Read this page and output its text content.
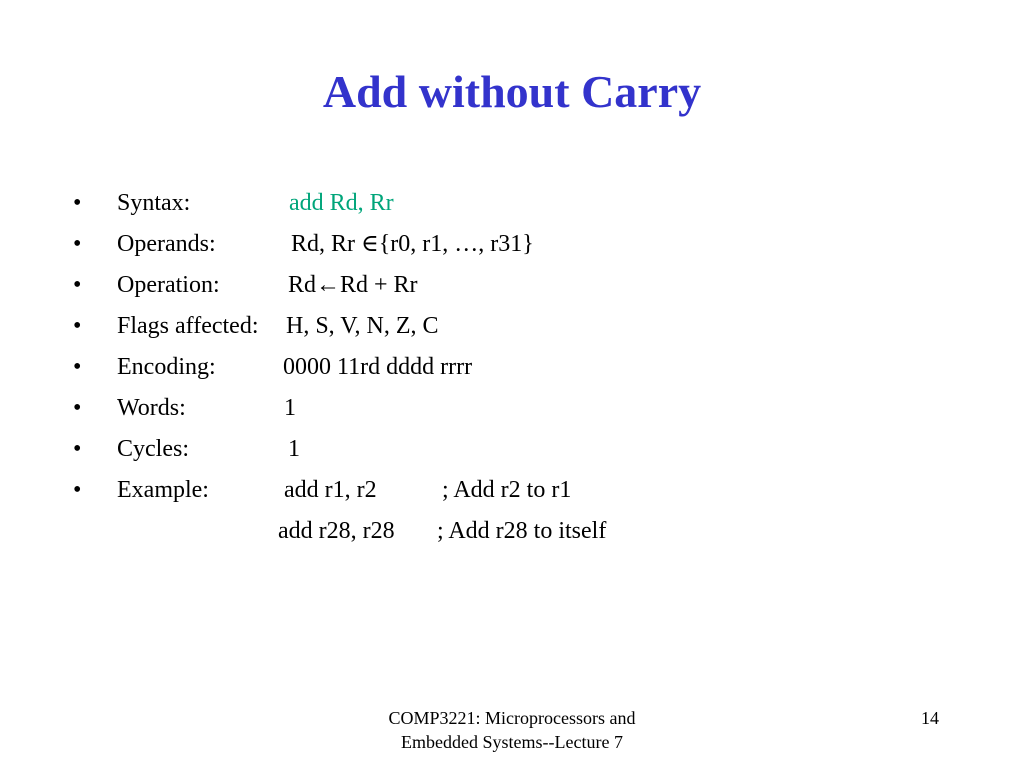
Add without Carry
• Syntax:	add Rd, Rr
• Operands:	Rd, Rr ∈{r0, r1, …, r31}
• Operation:	Rd←Rd + Rr
• Flags affected: H, S, V, N, Z, C
• Encoding:	0000 11rd dddd rrrr
• Words:	1
• Cycles:	1
• Example:	add r1, r2	; Add r2 to r1
add r28, r28 ; Add r28 to itself
COMP3221: Microprocessors and
Embedded Systems--Lecture 7
14
